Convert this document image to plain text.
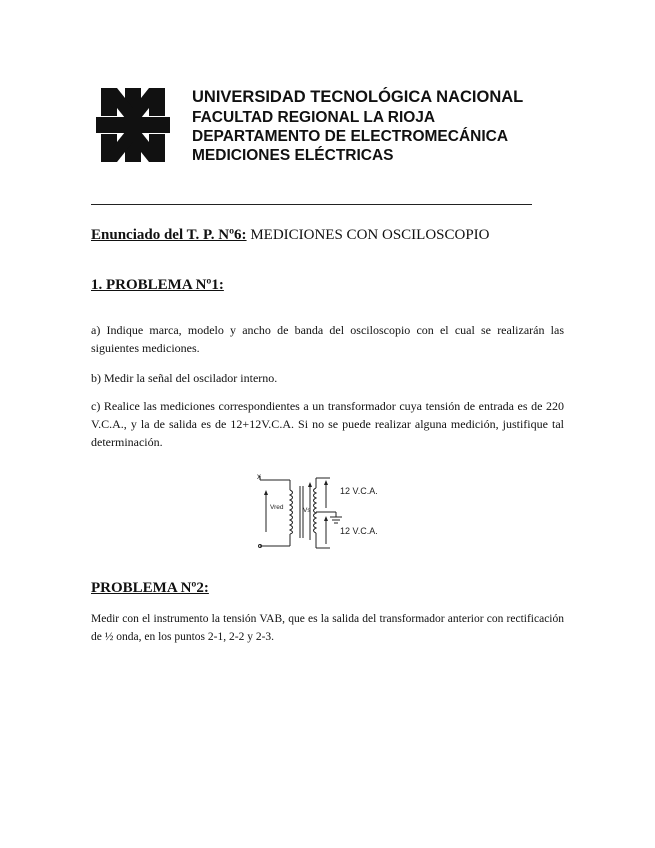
UNIVERSIDAD TECNOLÓGICA NACIONAL
FACULTAD REGIONAL LA RIOJA
DEPARTAMENTO DE ELECTROMECÁNICA
MEDICIONES ELÉCTRICAS
Enunciado del T. P. Nº6: MEDICIONES CON OSCILOSCOPIO
1. PROBLEMA Nº1:
a) Indique marca, modelo y ancho de banda del osciloscopio con el cual se realizarán las siguientes mediciones.
b) Medir la señal del oscilador interno.
c) Realice las mediciones correspondientes a un transformador cuya tensión de entrada es de 220 V.C.A., y la de salida es de 12+12V.C.A. Si no se puede realizar alguna medición, justifique tal determinación.
x
Vred	Vs
12 V.C.A.
12 V.C.A.
PROBLEMA Nº2:
Medir con el instrumento la tensión VAB, que es la salida del transformador anterior con rectificación de ½ onda, en los puntos 2-1, 2-2 y 2-3.
